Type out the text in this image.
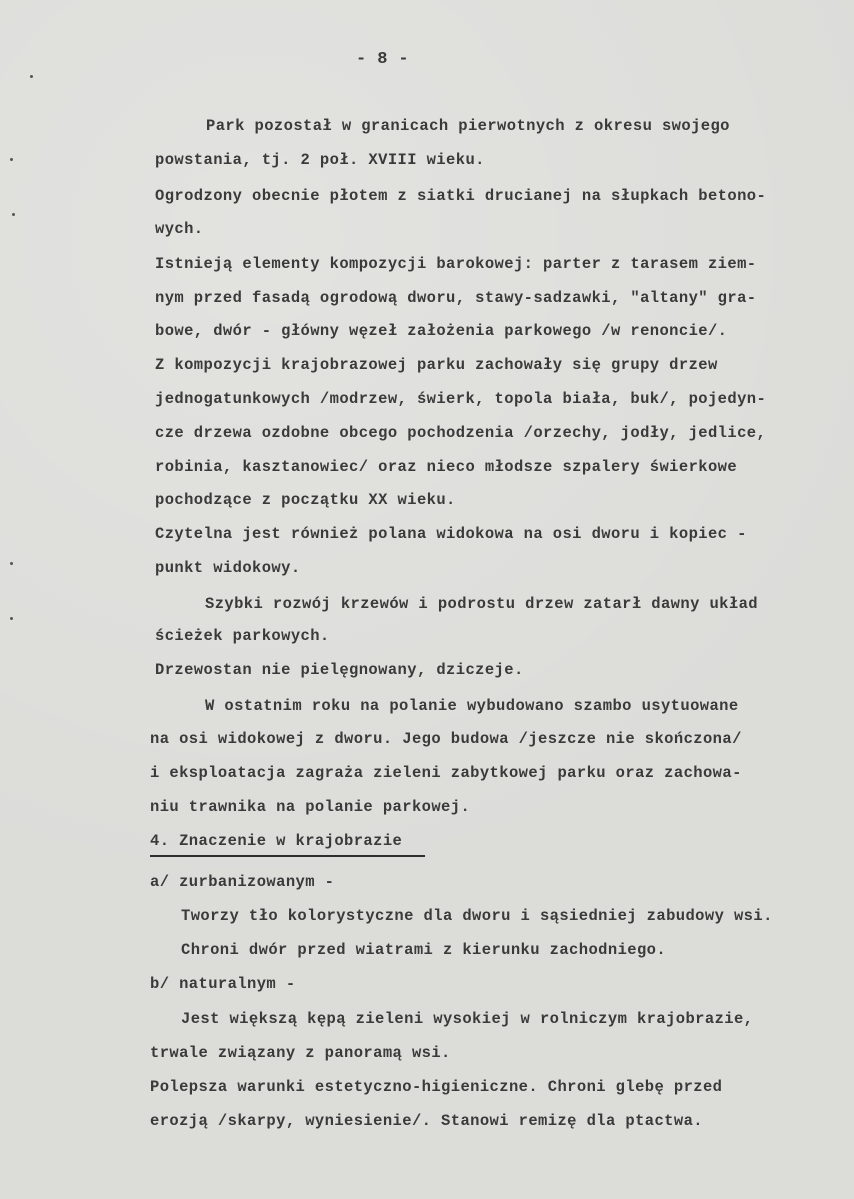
- 8 -
Park pozostał w granicach pierwotnych z okresu swojego
powstania, tj. 2 poł. XVIII wieku.
Ogrodzony obecnie płotem z siatki drucianej na słupkach betono-
wych.
Istnieją elementy kompozycji barokowej: parter z tarasem ziem-
nym przed fasadą ogrodową dworu, stawy-sadzawki, "altany" gra-
bowe, dwór - główny węzeł założenia parkowego /w renoncie/.
Z kompozycji krajobrazowej parku zachowały się grupy drzew
jednogatunkowych /modrzew, świerk, topola biała, buk/, pojedyn-
cze drzewa ozdobne obcego pochodzenia /orzechy, jodły, jedlice,
robinia, kasztanowiec/ oraz nieco młodsze szpalery świerkowe
pochodzące z początku XX wieku.
Czytelna jest również polana widokowa na osi dworu i kopiec -
punkt widokowy.
Szybki rozwój krzewów i podrostu drzew zatarł dawny układ
ścieżek parkowych.
Drzewostan nie pielęgnowany, dziczeje.
W ostatnim roku na polanie wybudowano szambo usytuowane
na osi widokowej z dworu. Jego budowa /jeszcze nie skończona/
i eksploatacja zagraża zieleni zabytkowej parku oraz zachowa-
niu trawnika na polanie parkowej.
4. Znaczenie w krajobrazie
a/ zurbanizowanym -
Tworzy tło kolorystyczne dla dworu i sąsiedniej zabudowy wsi.
Chroni dwór przed wiatrami z kierunku zachodniego.
b/ naturalnym -
Jest większą kępą zieleni wysokiej w rolniczym krajobrazie,
trwale związany z panoramą wsi.
Polepsza warunki estetyczno-higieniczne. Chroni glebę przed
erozją /skarpy, wyniesienie/. Stanowi remizę dla ptactwa.
